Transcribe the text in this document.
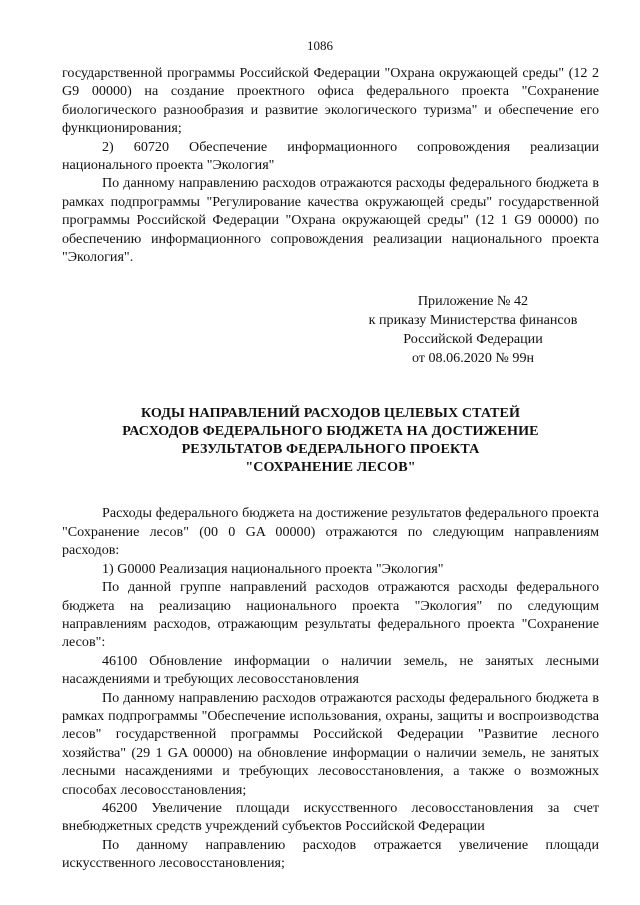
1086

государственной программы Российской Федерации "Охрана окружающей среды" (12 2 G9 00000) на создание проектного офиса федерального проекта "Сохранение биологического разнообразия и развитие экологического туризма" и обеспечение его функционирования;

2) 60720 Обеспечение информационного сопровождения реализации национального проекта "Экология"

По данному направлению расходов отражаются расходы федерального бюджета в рамках подпрограммы "Регулирование качества окружающей среды" государственной программы Российской Федерации "Охрана окружающей среды" (12 1 G9 00000) по обеспечению информационного сопровождения реализации национального проекта "Экология".

Приложение № 42
к приказу Министерства финансов
Российской Федерации
от 08.06.2020 № 99н
КОДЫ НАПРАВЛЕНИЙ РАСХОДОВ ЦЕЛЕВЫХ СТАТЕЙ
РАСХОДОВ ФЕДЕРАЛЬНОГО БЮДЖЕТА НА ДОСТИЖЕНИЕ
РЕЗУЛЬТАТОВ ФЕДЕРАЛЬНОГО ПРОЕКТА
"СОХРАНЕНИЕ ЛЕСОВ"

Расходы федерального бюджета на достижение результатов федерального проекта "Сохранение лесов" (00 0 GA 00000) отражаются по следующим направлениям расходов:

1) G0000 Реализация национального проекта "Экология"

По данной группе направлений расходов отражаются расходы федерального бюджета на реализацию национального проекта "Экология" по следующим направлениям расходов, отражающим результаты федерального проекта "Сохранение лесов":

46100 Обновление информации о наличии земель, не занятых лесными насаждениями и требующих лесовосстановления

По данному направлению расходов отражаются расходы федерального бюджета в рамках подпрограммы "Обеспечение использования, охраны, защиты и воспроизводства лесов" государственной программы Российской Федерации "Развитие лесного хозяйства" (29 1 GA 00000) на обновление информации о наличии земель, не занятых лесными насаждениями и требующих лесовосстановления, а также о возможных способах лесовосстановления;

46200 Увеличение площади искусственного лесовосстановления за счет внебюджетных средств учреждений субъектов Российской Федерации

По данному направлению расходов отражается увеличение площади искусственного лесовосстановления;
